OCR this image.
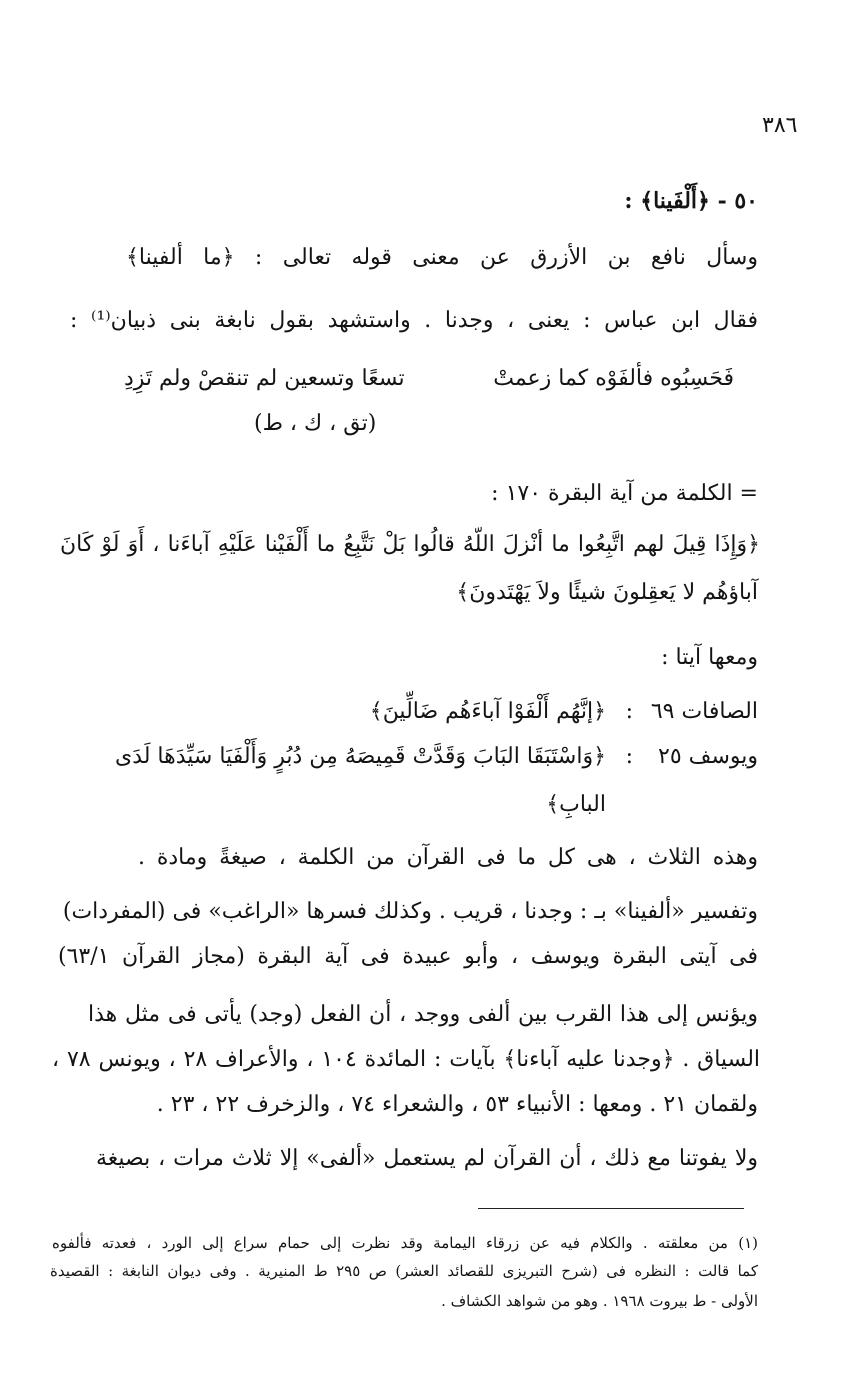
٣٨٦
٥٠ - ﴿أَلْفَينا﴾ :
وسأل نافع بن الأزرق عن معنى قوله تعالى : ﴿ما ألفينا﴾
فقال ابن عباس : يعنى ، وجدنا . واستشهد بقول نابغة بنى ذبيان⁽¹⁾ :
فَحَسِبُوه فألفَوْه كما زعمتْ
تسعًا وتسعين لم تنقصْ ولم تَزِدِ
(تق ، ك ، ط)
= الكلمة من آية البقرة ١٧٠ :
﴿وَإِذَا قِيلَ لهم اتَّبِعُوا ما أنْزلَ اللّهُ قالُوا بَلْ نَتَّبِعُ ما أَلْفَيْنا عَلَيْهِ آباءَنا ، أَوَ لَوْ كَانَ
آباؤهُم لا يَعقِلونَ شيئًا ولاَ يَهْتَدونَ﴾
ومعها آيتا :
الصافات ٦٩
:
﴿إنَّهُم أَلْفَوْا آباءَهُم ضَالِّينَ﴾
ويوسف ٢٥
:
﴿وَاسْتَبَقَا البَابَ وَقَدَّتْ قَمِيصَهُ مِن دُبُرٍ وَأَلْفَيَا سَيِّدَهَا لَدَى
البابِ﴾
وهذه الثلاث ، هى كل ما فى القرآن من الكلمة ، صيغةً ومادة .
وتفسير «ألفينا» بـ : وجدنا ، قريب . وكذلك فسرها «الراغب» فى (المفردات)
فى آيتى البقرة ويوسف ، وأبو عبيدة فى آية البقرة (مجاز القرآن ٦٣/١)
ويؤنس إلى هذا القرب بين ألفى ووجد ، أن الفعل (وجد) يأتى فى مثل هذا
السياق . ﴿وجدنا عليه آباءنا﴾ بآيات : المائدة ١٠٤ ، والأعراف ٢٨ ، ويونس ٧٨ ،
ولقمان ٢١ . ومعها : الأنبياء ٥٣ ، والشعراء ٧٤ ، والزخرف ٢٢ ، ٢٣ .
ولا يفوتنا مع ذلك ، أن القرآن لم يستعمل «ألفى» إلا ثلاث مرات ، بصيغة
(١) من معلقته . والكلام فيه عن زرقاء اليمامة وقد نظرت إلى حمام سراع إلى الورد ، فعدته فألفوه
كما قالت : النظره فى (شرح التبريزى للقصائد العشر) ص ٢٩٥ ط المنيرية . وفى ديوان النابغة : القصيدة
الأولى - ط بيروت ١٩٦٨ . وهو من شواهد الكشاف .
